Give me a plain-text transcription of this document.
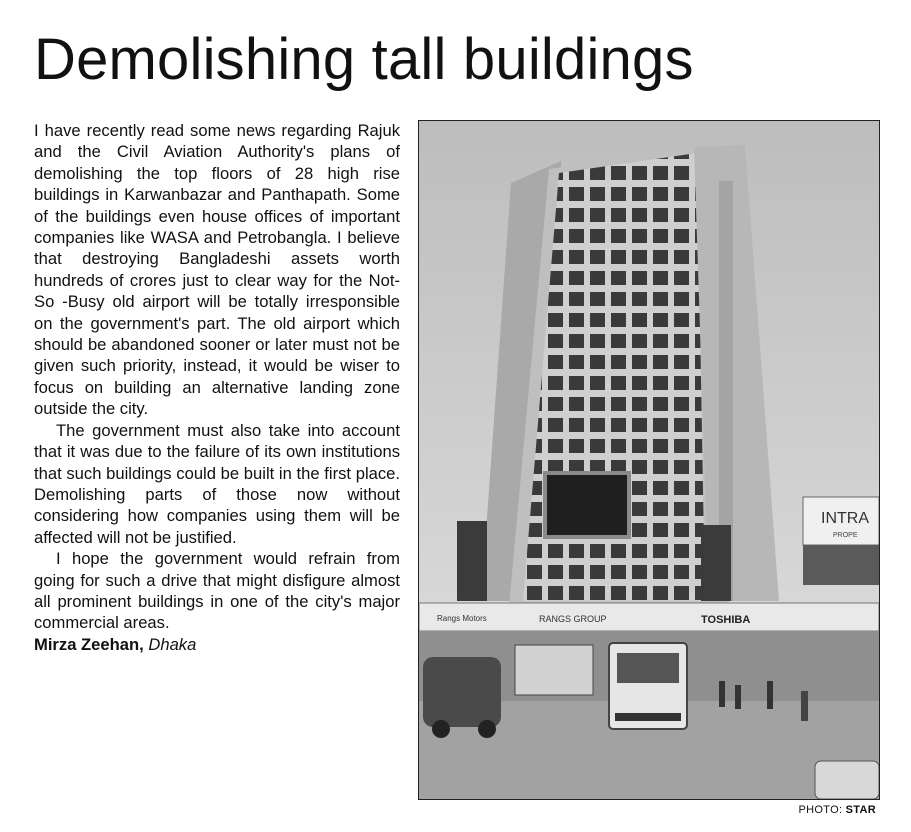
Demolishing tall buildings

I have recently read some news regarding Rajuk and the Civil Aviation Authority's plans of demolishing the top floors of 28 high rise buildings in Karwanbazar and Panthapath. Some of the buildings even house offices of important companies like WASA and Petrobangla. I believe that destroying Bangladeshi assets worth hundreds of crores just to clear way for the Not-So -Busy old airport will be totally irresponsible on the government's part. The old airport which should be abandoned sooner or later must not be given such priority, instead, it would be wiser to focus on building an alternative landing zone outside the city.

The government must also take into account that it was due to the failure of its own institutions that such buildings could be built in the first place. Demolishing parts of those now without considering how companies using them will be affected will not be justified.

I hope the government would refrain from going for such a drive that might disfigure almost all prominent buildings in one of the city's major commercial areas.

Mirza Zeehan, Dhaka
INTRA
PROPE
Rangs Motors	RANGS GROUP	TOSHIBA
PHOTO: STAR
